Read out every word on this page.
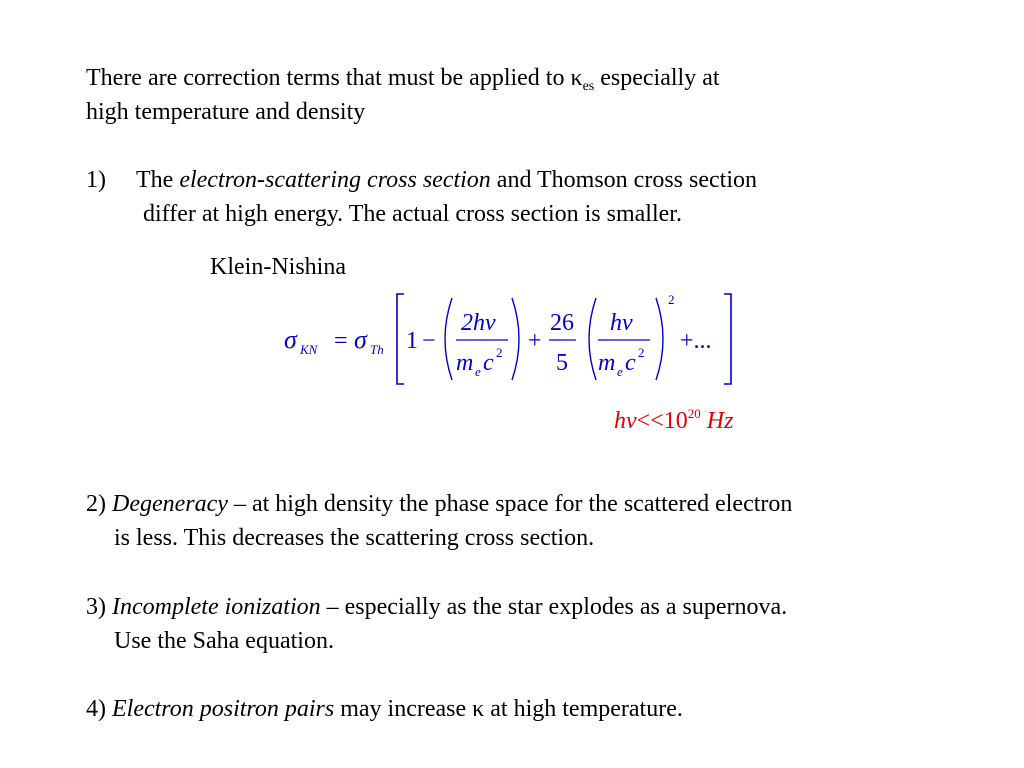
There are correction terms that must be applied to $\kappa_{es}$ especially at
high temperature and density
1) The electron-scattering cross section and Thomson cross section
differ at high energy. The actual cross section is smaller.
Klein-Nishina
σ KN = σ Th 1 −
2hν
m e c 2 +
26
5
hν
m e c 2
2
+...
$h\nu<<10^{20}$ Hz
2) Degeneracy – at high density the phase space for the scattered electron
is less. This decreases the scattering cross section.
3) Incomplete ionization – especially as the star explodes as a supernova.
Use the Saha equation.
4) Electron positron pairs may increase κ at high temperature.
